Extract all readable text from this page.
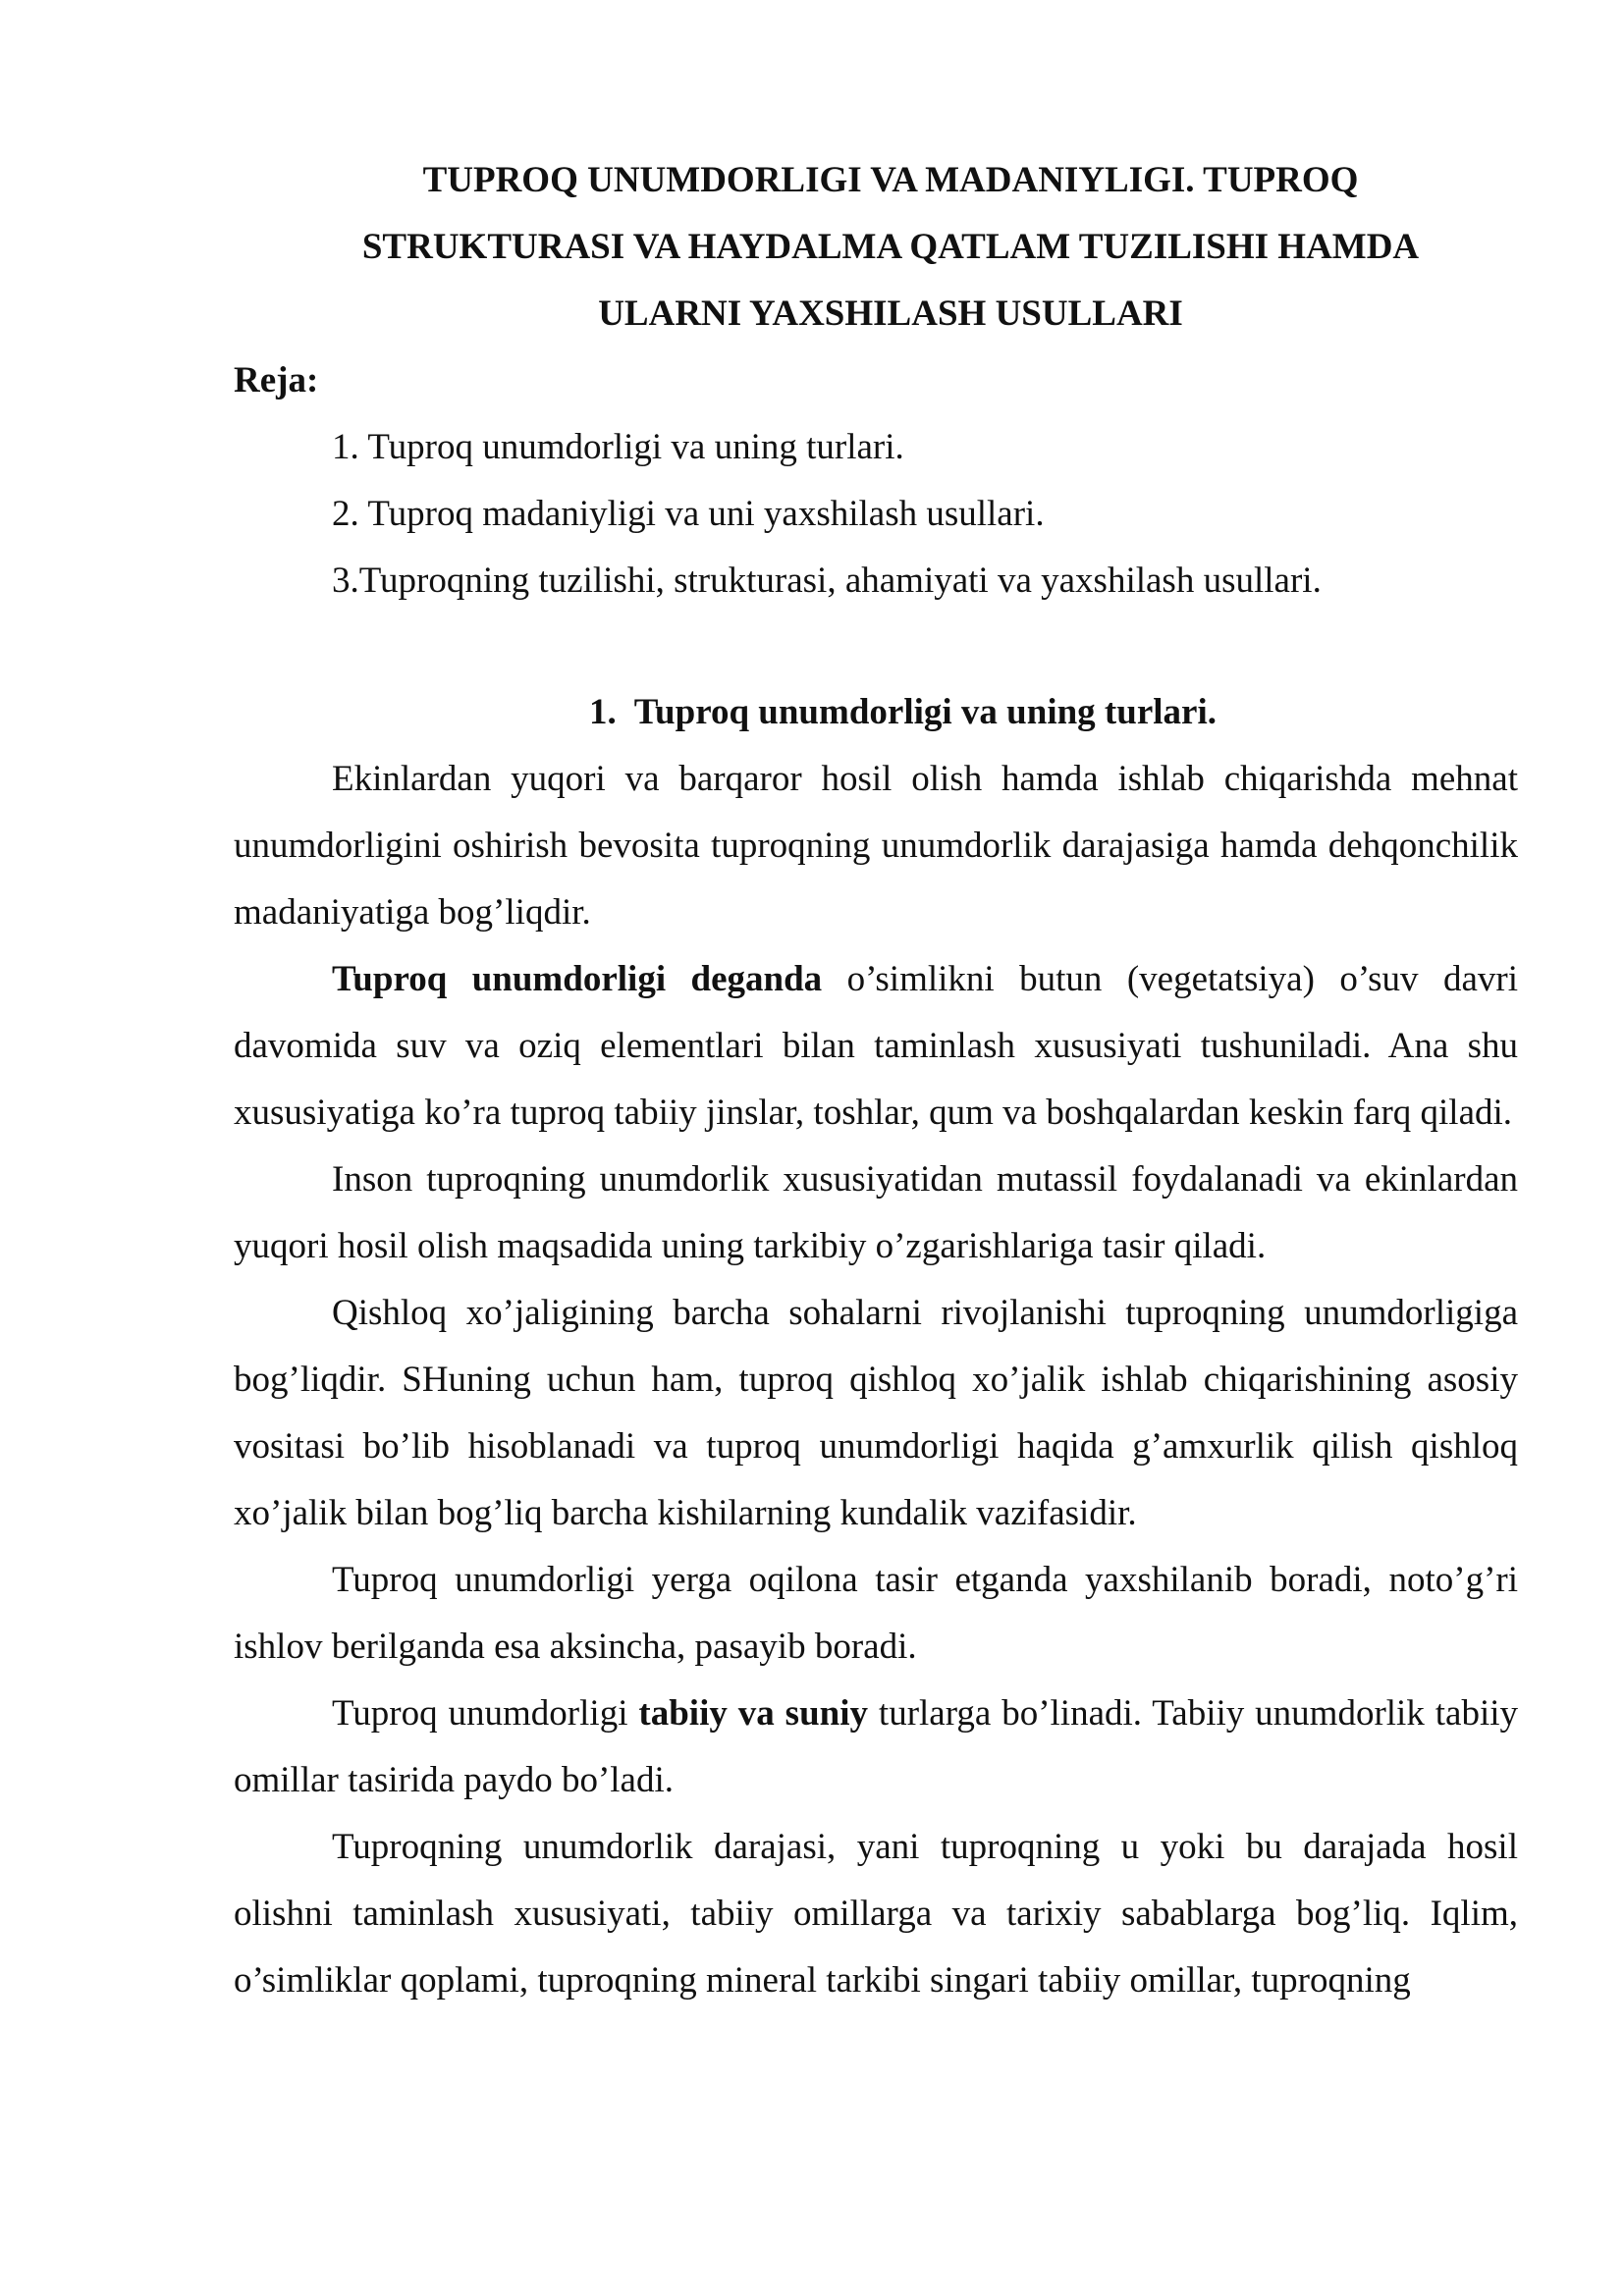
TUPROQ UNUMDORLIGI VA MADANIYLIGI. TUPROQ
STRUKTURASI VA HAYDALMA QATLAM TUZILISHI HAMDA
ULARNI YAXSHILASH USULLARI

Reja:

1. Tuproq unumdorligi va uning turlari.
2. Tuproq madaniyligi va uni yaxshilash usullari.
3.Tuproqning tuzilishi, strukturasi, ahamiyati va yaxshilash usullari.
1. Tuproq unumdorligi va uning turlari.

Ekinlardan yuqori va barqaror hosil olish hamda ishlab chiqarishda mehnat unumdorligini oshirish bevosita tuproqning unumdorlik darajasiga hamda dehqonchilik madaniyatiga bog’liqdir.

Tuproq unumdorligi deganda o’simlikni butun (vegetatsiya) o’suv davri davomida suv va oziq elementlari bilan taminlash xususiyati tushuniladi. Ana shu xususiyatiga ko’ra tuproq tabiiy jinslar, toshlar, qum va boshqalardan keskin farq qiladi.

Inson tuproqning unumdorlik xususiyatidan mutassil foydalanadi va ekinlardan yuqori hosil olish maqsadida uning tarkibiy o’zgarishlariga tasir qiladi.

Qishloq xo’jaligining barcha sohalarni rivojlanishi tuproqning unumdorligiga bog’liqdir. SHuning uchun ham, tuproq qishloq xo’jalik ishlab chiqarishining asosiy vositasi bo’lib hisoblanadi va tuproq unumdorligi haqida g’amxurlik qilish qishloq xo’jalik bilan bog’liq barcha kishilarning kundalik vazifasidir.

Tuproq unumdorligi yerga oqilona tasir etganda yaxshilanib boradi, noto’g’ri ishlov berilganda esa aksincha, pasayib boradi.

Tuproq unumdorligi tabiiy va suniy turlarga bo’linadi. Tabiiy unumdorlik tabiiy omillar tasirida paydo bo’ladi.

Tuproqning unumdorlik darajasi, yani tuproqning u yoki bu darajada hosil olishni taminlash xususiyati, tabiiy omillarga va tarixiy sabablarga bog’liq. Iqlim, o’simliklar qoplami, tuproqning mineral tarkibi singari tabiiy omillar, tuproqning
